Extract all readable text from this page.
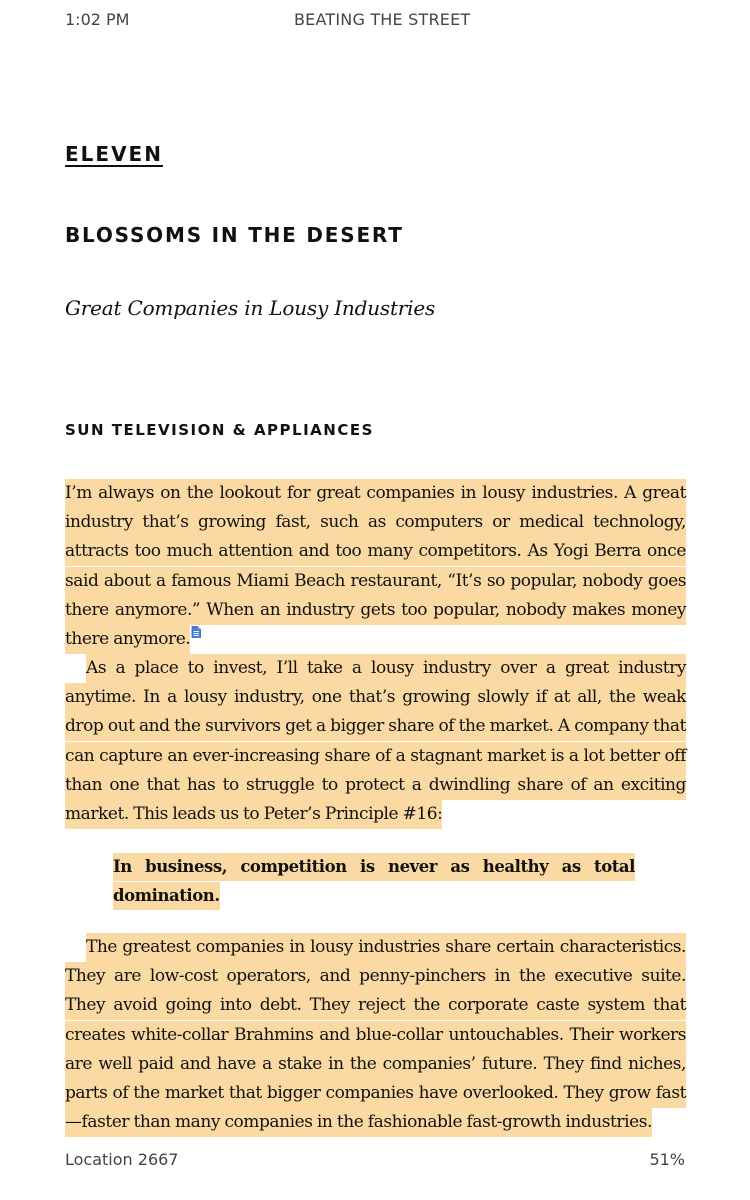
1:02 PM	BEATING THE STREET
ELEVEN
BLOSSOMS IN THE DESERT

Great Companies in Lousy Industries

SUN TELEVISION & APPLIANCES

I’m always on the lookout for great companies in lousy industries. A great industry that’s growing fast, such as computers or medical technology, attracts too much attention and too many competitors. As Yogi Berra once said about a famous Miami Beach restaurant, “It’s so popular, nobody goes there anymore.” When an industry gets too popular, nobody makes money there anymore.

As a place to invest, I’ll take a lousy industry over a great industry anytime. In a lousy industry, one that’s growing slowly if at all, the weak drop out and the survivors get a bigger share of the market. A company that can capture an ever-increasing share of a stagnant market is a lot better off than one that has to struggle to protect a dwindling share of an exciting market. This leads us to Peter’s Principle #16:

In business, competition is never as healthy as total domination.

The greatest companies in lousy industries share certain characteristics. They are low-cost operators, and penny-pinchers in the executive suite. They avoid going into debt. They reject the corporate caste system that creates white-collar Brahmins and blue-collar untouchables. Their workers are well paid and have a stake in the companies’ future. They find niches, parts of the market that bigger companies have overlooked. They grow fast—faster than many companies in the fashionable fast-growth industries.

Location 2667	51%
